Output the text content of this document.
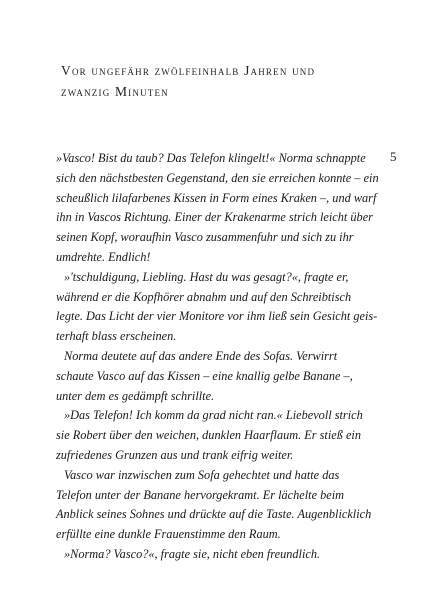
Vor ungefähr zwölfeinhalb Jahren und
zwanzig Minuten
5

»Vasco! Bist du taub? Das Telefon klingelt!« Norma schnappte
sich den nächstbesten Gegenstand, den sie erreichen konnte – ein
scheußlich lilafarbenes Kissen in Form eines Kraken –, und warf
ihn in Vascos Richtung. Einer der Krakenarme strich leicht über
seinen Kopf, woraufhin Vasco zusammenfuhr und sich zu ihr
umdrehte. Endlich!

»'tschuldigung, Liebling. Hast du was gesagt?«, fragte er,
während er die Kopfhörer abnahm und auf den Schreibtisch
legte. Das Licht der vier Monitore vor ihm ließ sein Gesicht geis-
terhaft blass erscheinen.

Norma deutete auf das andere Ende des Sofas. Verwirrt
schaute Vasco auf das Kissen – eine knallig gelbe Banane –,
unter dem es gedämpft schrillte.

»Das Telefon! Ich komm da grad nicht ran.« Liebevoll strich
sie Robert über den weichen, dunklen Haarflaum. Er stieß ein
zufriedenes Grunzen aus und trank eifrig weiter.

Vasco war inzwischen zum Sofa gehechtet und hatte das
Telefon unter der Banane hervorgekramt. Er lächelte beim
Anblick seines Sohnes und drückte auf die Taste. Augenblicklich
erfüllte eine dunkle Frauenstimme den Raum.

»Norma? Vasco?«, fragte sie, nicht eben freundlich.
